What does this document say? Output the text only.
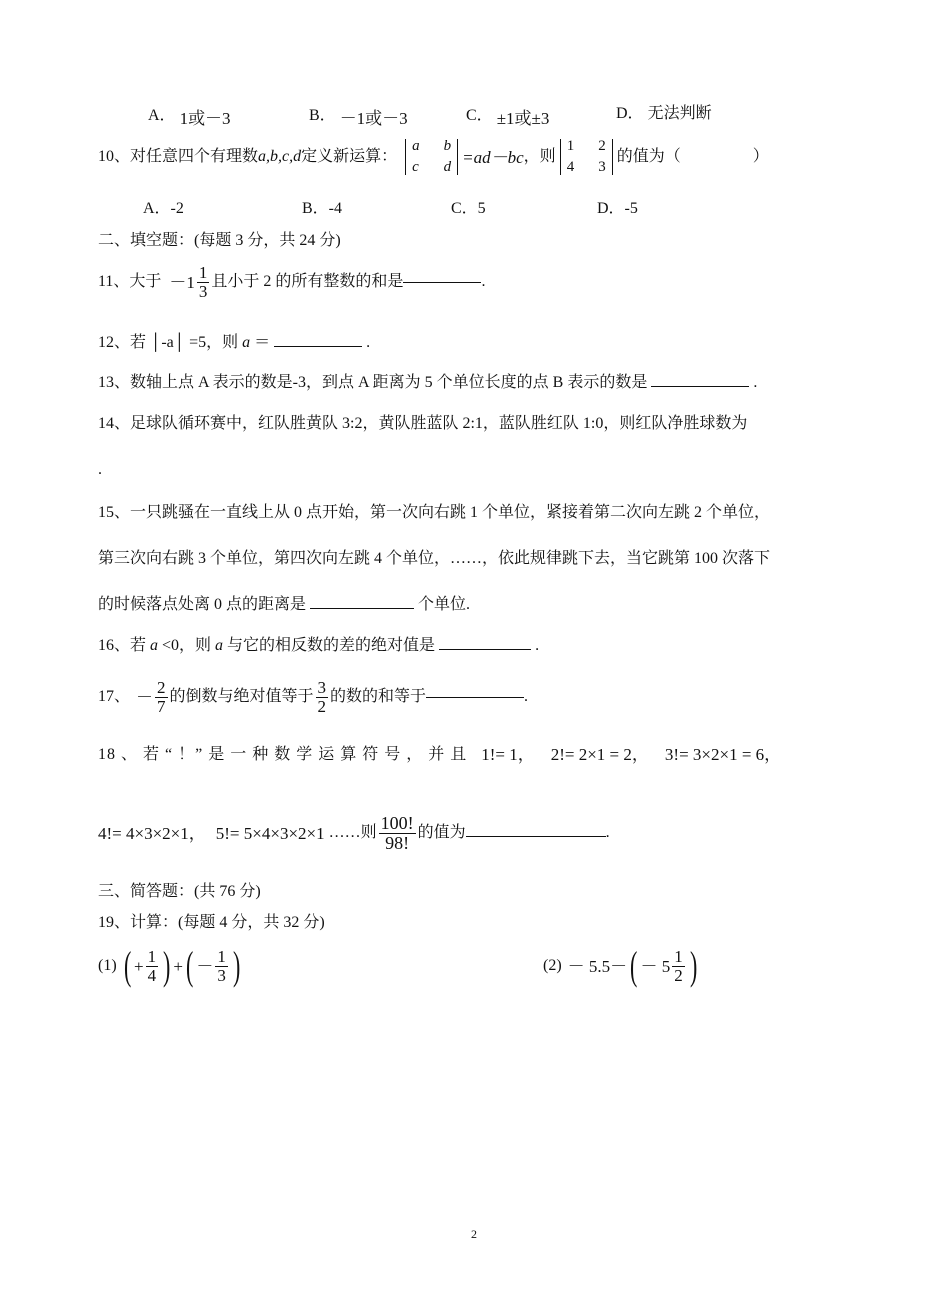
A． 1或－3	B． －1或－3	C． ±1或±3	D． 无法判断
10、对任意四个有理数 a,b,c,d 定义新运算：
a b
c d
=ad－bc ，则
1 2
4 3
的值为（	）
A．-2	B．-4	C．5	D．-5
二、填空题：(每题 3 分，共 24 分)
11、大于 $-1 \frac{1}{3}$ 且小于 2 的所有整数的和是	.
12、若 │-a│ =5，则 a ＝	.
13、数轴上点 A 表示的数是-3，到点 A 距离为 5 个单位长度的点 B 表示的数是	.
14、足球队循环赛中，红队胜黄队 3:2，黄队胜蓝队 2:1，蓝队胜红队 1:0，则红队净胜球数为
.
15、一只跳骚在一直线上从 0 点开始，第一次向右跳 1 个单位，紧接着第二次向左跳 2 个单位，
第三次向右跳 3 个单位，第四次向左跳 4 个单位，……，依此规律跳下去，当它跳第 100 次落下
的时候落点处离 0 点的距离是	个单位.
16、若 a <0，则 a 与它的相反数的差的绝对值是	.
17、 － $\frac{2}{7}$ 的倒数与绝对值等于 $\frac{3}{2}$ 的数的和等于	.
18 、 若 “ ！” 是 一 种 数 学 运 算 符 号 ， 并 且 1!= 1， 2!= 2×1 = 2， 3!= 3×2×1 = 6，
4!= 4×3×2×1， 5!= 5×4×3×2×1 ……则 $\frac{100!}{98!}$ 的值为	.
三、简答题：(共 76 分)
19、计算：(每题 4 分，共 32 分)
(1) ( + $\frac{1}{4}$ ) + ( － $\frac{1}{3}$ )	(2) － 5.5－ ( － $5 \frac{1}{2}$ )
2
